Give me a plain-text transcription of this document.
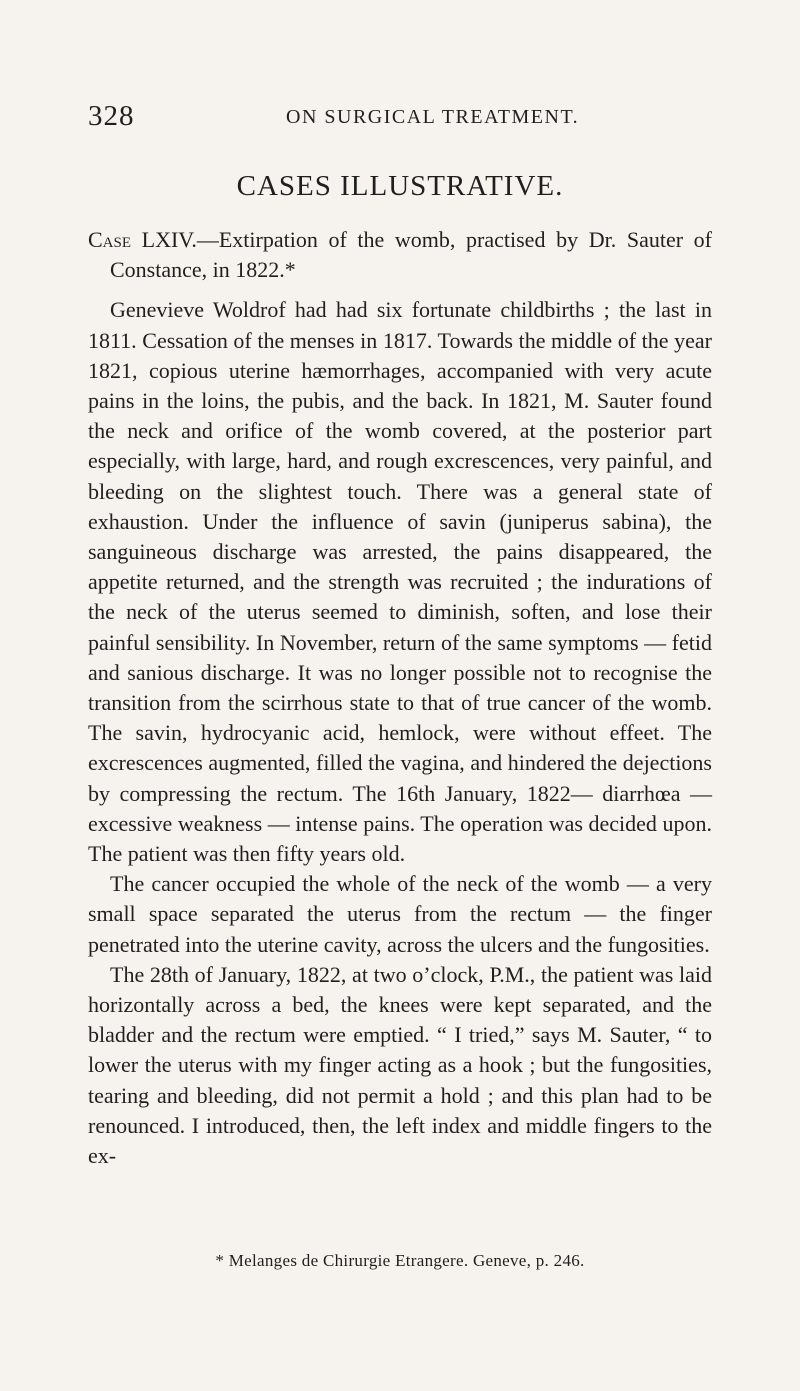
328	ON SURGICAL TREATMENT.
CASES ILLUSTRATIVE.

Case LXIV.—Extirpation of the womb, practised by Dr. Sauter of Constance, in 1822.*

Genevieve Woldrof had had six fortunate childbirths ; the last in 1811. Cessation of the menses in 1817. Towards the middle of the year 1821, copious uterine hæmorrhages, accompanied with very acute pains in the loins, the pubis, and the back. In 1821, M. Sauter found the neck and orifice of the womb covered, at the posterior part especially, with large, hard, and rough excrescences, very painful, and bleeding on the slightest touch. There was a general state of exhaustion. Under the influence of savin (juniperus sabina), the sanguineous discharge was arrested, the pains disappeared, the appetite returned, and the strength was recruited ; the indurations of the neck of the uterus seemed to diminish, soften, and lose their painful sensibility. In November, return of the same symptoms — fetid and sanious discharge. It was no longer possible not to recognise the transition from the scirrhous state to that of true cancer of the womb. The savin, hydrocyanic acid, hemlock, were without effeet. The excrescences augmented, filled the vagina, and hindered the dejections by compressing the rectum. The 16th January, 1822— diarrhœa — excessive weakness — intense pains. The operation was decided upon. The patient was then fifty years old.

The cancer occupied the whole of the neck of the womb — a very small space separated the uterus from the rectum — the finger penetrated into the uterine cavity, across the ulcers and the fungosities.

The 28th of January, 1822, at two o’clock, P.M., the patient was laid horizontally across a bed, the knees were kept separated, and the bladder and the rectum were emptied. “ I tried,” says M. Sauter, “ to lower the uterus with my finger acting as a hook ; but the fungosities, tearing and bleeding, did not permit a hold ; and this plan had to be renounced. I introduced, then, the left index and middle fingers to the ex-

* Melanges de Chirurgie Etrangere. Geneve, p. 246.
